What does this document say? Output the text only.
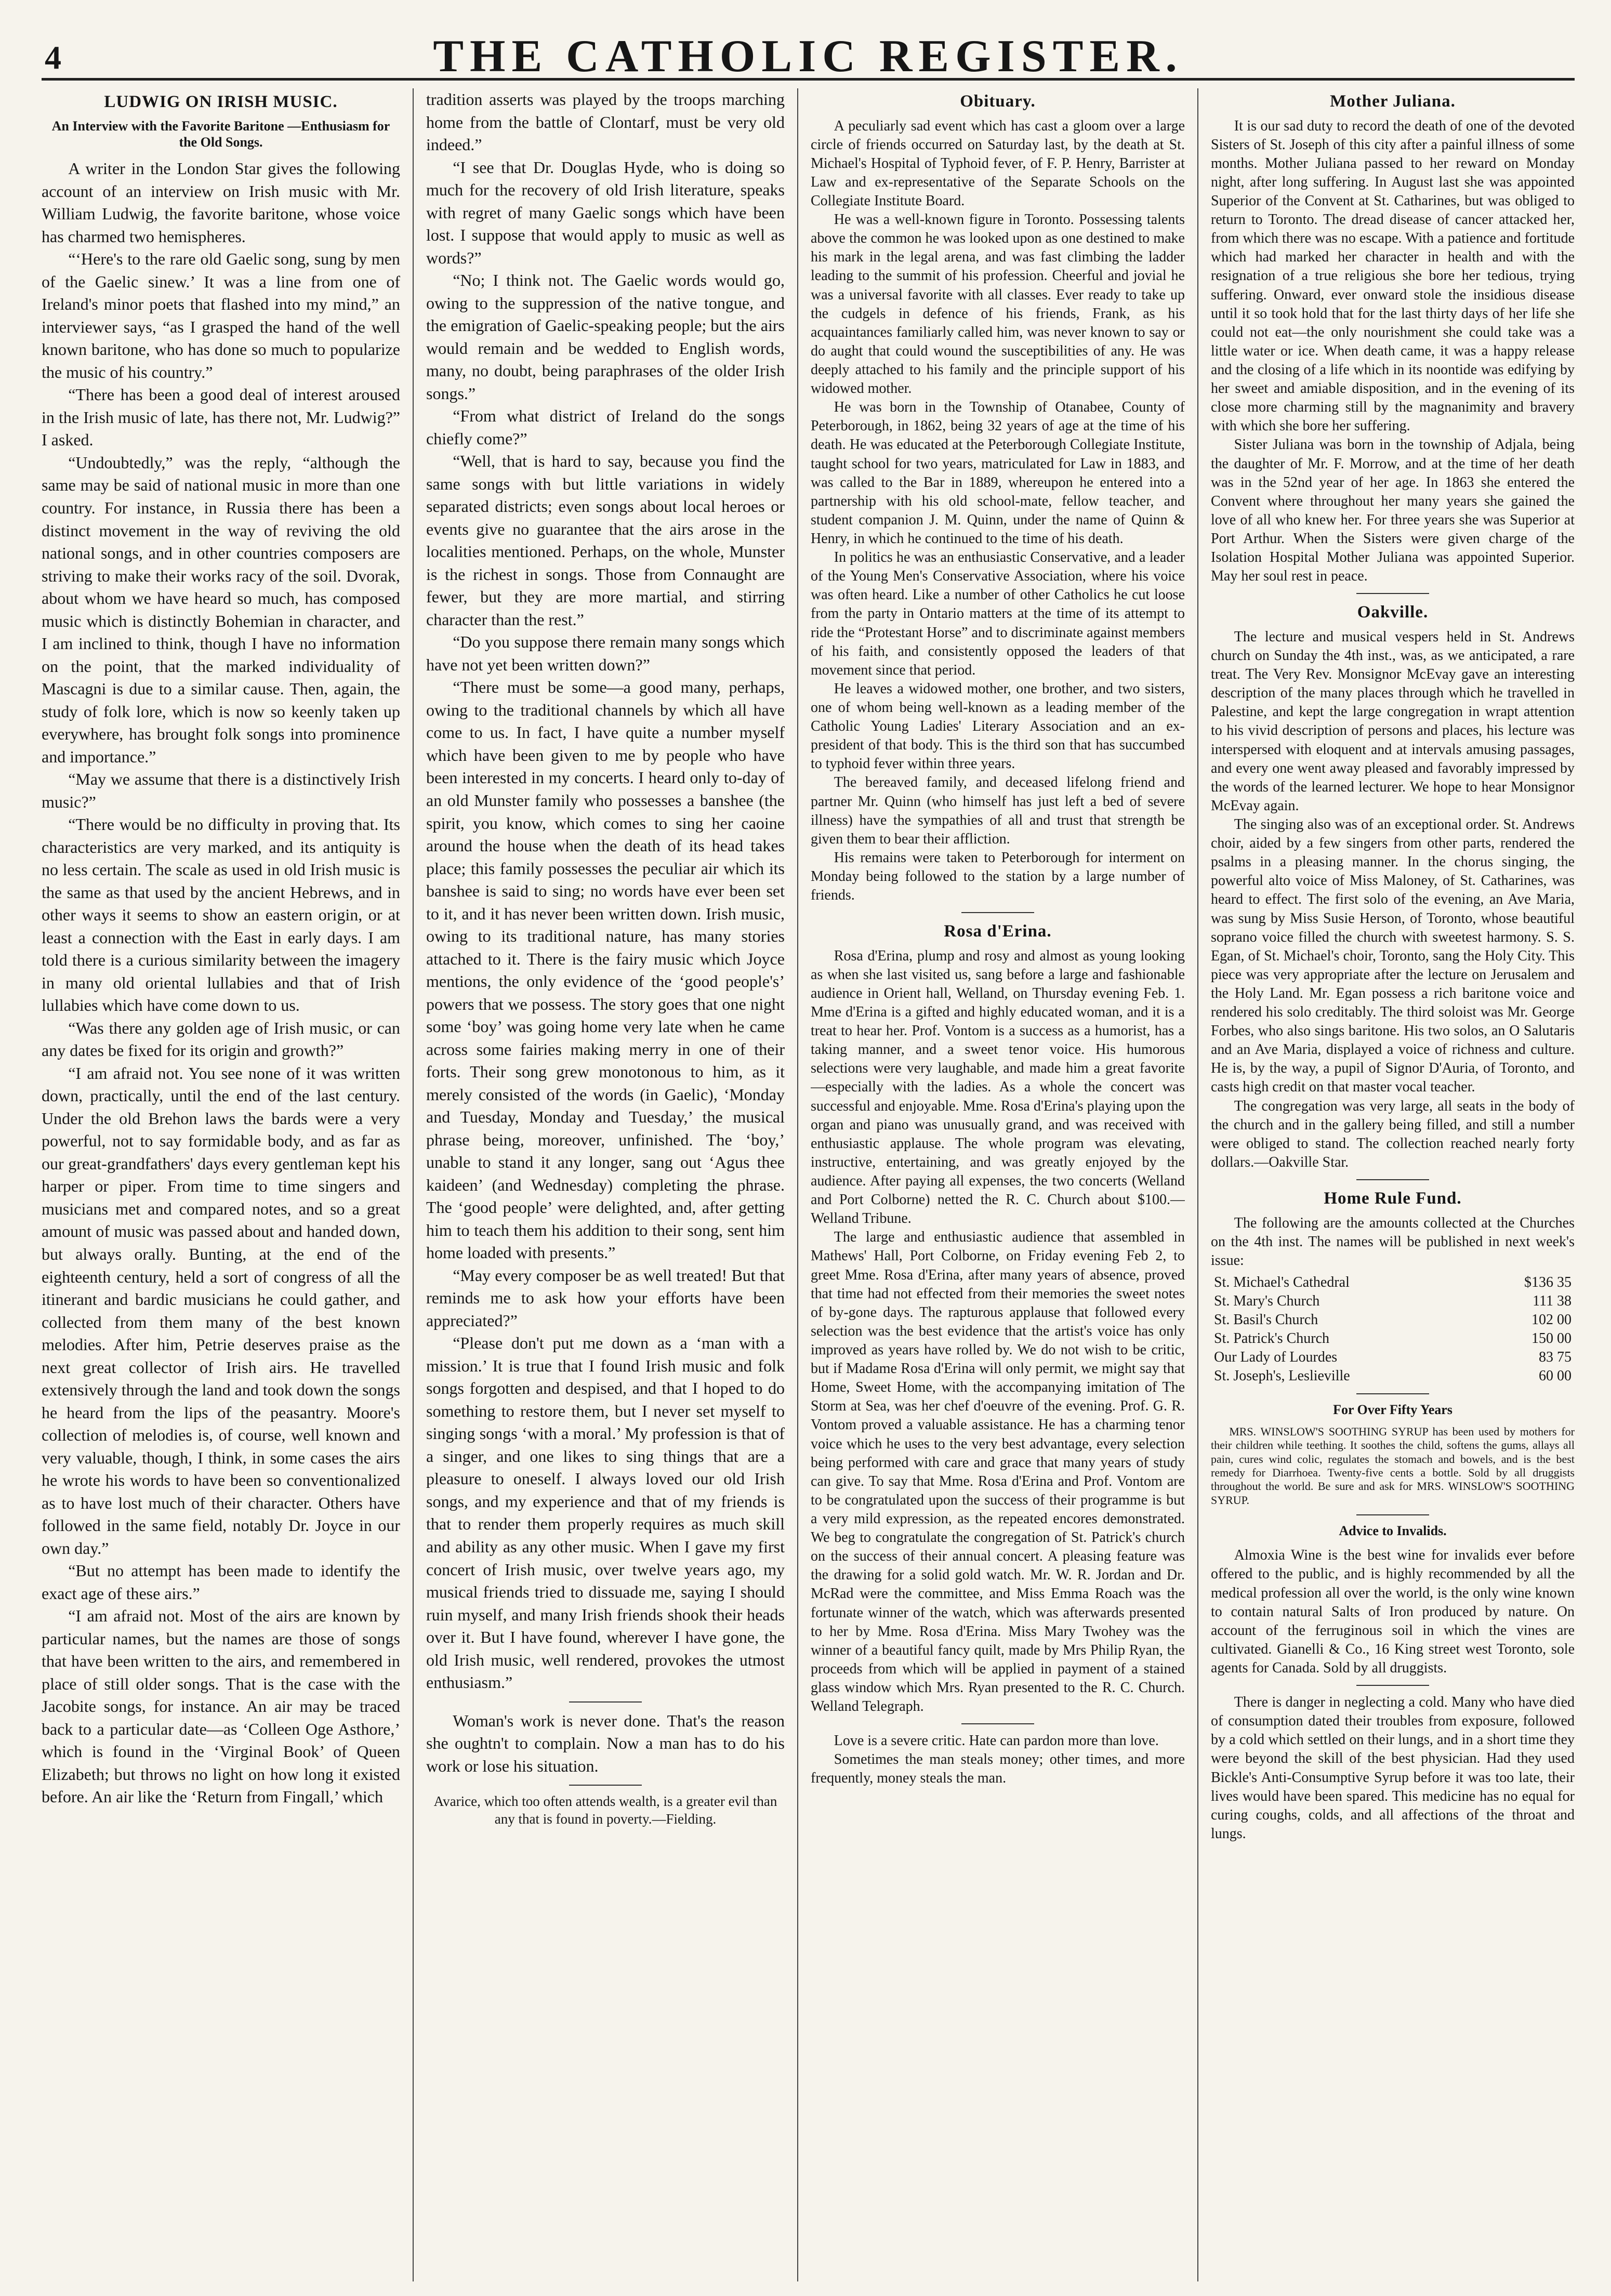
4	THE CATHOLIC REGISTER.
LUDWIG ON IRISH MUSIC.
An Interview with the Favorite Baritone —Enthusiasm for the Old Songs.

A writer in the London Star gives the following account of an interview on Irish music with Mr. William Ludwig, the favorite baritone, whose voice has charmed two hemispheres.

“‘Here's to the rare old Gaelic song, sung by men of the Gaelic sinew.’ It was a line from one of Ireland's minor poets that flashed into my mind,” an interviewer says, “as I grasped the hand of the well known baritone, who has done so much to popularize the music of his country.”

“There has been a good deal of interest aroused in the Irish music of late, has there not, Mr. Ludwig?” I asked.

“Undoubtedly,” was the reply, “although the same may be said of national music in more than one country. For instance, in Russia there has been a distinct movement in the way of reviving the old national songs, and in other countries composers are striving to make their works racy of the soil. Dvorak, about whom we have heard so much, has composed music which is distinctly Bohemian in character, and I am inclined to think, though I have no information on the point, that the marked individuality of Mascagni is due to a similar cause. Then, again, the study of folk lore, which is now so keenly taken up everywhere, has brought folk songs into prominence and importance.”

“May we assume that there is a distinctively Irish music?”

“There would be no difficulty in proving that. Its characteristics are very marked, and its antiquity is no less certain. The scale as used in old Irish music is the same as that used by the ancient Hebrews, and in other ways it seems to show an eastern origin, or at least a connection with the East in early days. I am told there is a curious similarity between the imagery in many old oriental lullabies and that of Irish lullabies which have come down to us.

“Was there any golden age of Irish music, or can any dates be fixed for its origin and growth?”

“I am afraid not. You see none of it was written down, practically, until the end of the last century. Under the old Brehon laws the bards were a very powerful, not to say formidable body, and as far as our great-grandfathers' days every gentleman kept his harper or piper. From time to time singers and musicians met and compared notes, and so a great amount of music was passed about and handed down, but always orally. Bunting, at the end of the eighteenth century, held a sort of congress of all the itinerant and bardic musicians he could gather, and collected from them many of the best known melodies. After him, Petrie deserves praise as the next great collector of Irish airs. He travelled extensively through the land and took down the songs he heard from the lips of the peasantry. Moore's collection of melodies is, of course, well known and very valuable, though, I think, in some cases the airs he wrote his words to have been so conventionalized as to have lost much of their character. Others have followed in the same field, notably Dr. Joyce in our own day.”

“But no attempt has been made to identify the exact age of these airs.”

“I am afraid not. Most of the airs are known by particular names, but the names are those of songs that have been written to the airs, and remembered in place of still older songs. That is the case with the Jacobite songs, for instance. An air may be traced back to a particular date—as ‘Colleen Oge Asthore,’ which is found in the ‘Virginal Book’ of Queen Elizabeth; but throws no light on how long it existed before. An air like the ‘Return from Fingall,’ which

tradition asserts was played by the troops marching home from the battle of Clontarf, must be very old indeed.”

“I see that Dr. Douglas Hyde, who is doing so much for the recovery of old Irish literature, speaks with regret of many Gaelic songs which have been lost. I suppose that would apply to music as well as words?”

“No; I think not. The Gaelic words would go, owing to the suppression of the native tongue, and the emigration of Gaelic-speaking people; but the airs would remain and be wedded to English words, many, no doubt, being paraphrases of the older Irish songs.”

“From what district of Ireland do the songs chiefly come?”

“Well, that is hard to say, because you find the same songs with but little variations in widely separated districts; even songs about local heroes or events give no guarantee that the airs arose in the localities mentioned. Perhaps, on the whole, Munster is the richest in songs. Those from Connaught are fewer, but they are more martial, and stirring character than the rest.”

“Do you suppose there remain many songs which have not yet been written down?”

“There must be some—a good many, perhaps, owing to the traditional channels by which all have come to us. In fact, I have quite a number myself which have been given to me by people who have been interested in my concerts. I heard only to-day of an old Munster family who possesses a banshee (the spirit, you know, which comes to sing her caoine around the house when the death of its head takes place; this family possesses the peculiar air which its banshee is said to sing; no words have ever been set to it, and it has never been written down. Irish music, owing to its traditional nature, has many stories attached to it. There is the fairy music which Joyce mentions, the only evidence of the ‘good people's’ powers that we possess. The story goes that one night some ‘boy’ was going home very late when he came across some fairies making merry in one of their forts. Their song grew monotonous to him, as it merely consisted of the words (in Gaelic), ‘Monday and Tuesday, Monday and Tuesday,’ the musical phrase being, moreover, unfinished. The ‘boy,’ unable to stand it any longer, sang out ‘Agus thee kaideen’ (and Wednesday) completing the phrase. The ‘good people’ were delighted, and, after getting him to teach them his addition to their song, sent him home loaded with presents.”

“May every composer be as well treated! But that reminds me to ask how your efforts have been appreciated?”

“Please don't put me down as a ‘man with a mission.’ It is true that I found Irish music and folk songs forgotten and despised, and that I hoped to do something to restore them, but I never set myself to singing songs ‘with a moral.’ My profession is that of a singer, and one likes to sing things that are a pleasure to oneself. I always loved our old Irish songs, and my experience and that of my friends is that to render them properly requires as much skill and ability as any other music. When I gave my first concert of Irish music, over twelve years ago, my musical friends tried to dissuade me, saying I should ruin myself, and many Irish friends shook their heads over it. But I have found, wherever I have gone, the old Irish music, well rendered, provokes the utmost enthusiasm.”

Woman's work is never done. That's the reason she oughtn't to complain. Now a man has to do his work or lose his situation.

Avarice, which too often attends wealth, is a greater evil than any that is found in poverty.—Fielding.
Obituary.

A peculiarly sad event which has cast a gloom over a large circle of friends occurred on Saturday last, by the death at St. Michael's Hospital of Typhoid fever, of F. P. Henry, Barrister at Law and ex-representative of the Separate Schools on the Collegiate Institute Board.

He was a well-known figure in Toronto. Possessing talents above the common he was looked upon as one destined to make his mark in the legal arena, and was fast climbing the ladder leading to the summit of his profession. Cheerful and jovial he was a universal favorite with all classes. Ever ready to take up the cudgels in defence of his friends, Frank, as his acquaintances familiarly called him, was never known to say or do aught that could wound the susceptibilities of any. He was deeply attached to his family and the principle support of his widowed mother.

He was born in the Township of Otanabee, County of Peterborough, in 1862, being 32 years of age at the time of his death. He was educated at the Peterborough Collegiate Institute, taught school for two years, matriculated for Law in 1883, and was called to the Bar in 1889, whereupon he entered into a partnership with his old school-mate, fellow teacher, and student companion J. M. Quinn, under the name of Quinn & Henry, in which he continued to the time of his death.

In politics he was an enthusiastic Conservative, and a leader of the Young Men's Conservative Association, where his voice was often heard. Like a number of other Catholics he cut loose from the party in Ontario matters at the time of its attempt to ride the “Protestant Horse” and to discriminate against members of his faith, and consistently opposed the leaders of that movement since that period.

He leaves a widowed mother, one brother, and two sisters, one of whom being well-known as a leading member of the Catholic Young Ladies' Literary Association and an ex-president of that body. This is the third son that has succumbed to typhoid fever within three years.

The bereaved family, and deceased lifelong friend and partner Mr. Quinn (who himself has just left a bed of severe illness) have the sympathies of all and trust that strength be given them to bear their affliction.

His remains were taken to Peterborough for interment on Monday being followed to the station by a large number of friends.

Rosa d'Erina.

Rosa d'Erina, plump and rosy and almost as young looking as when she last visited us, sang before a large and fashionable audience in Orient hall, Welland, on Thursday evening Feb. 1. Mme d'Erina is a gifted and highly educated woman, and it is a treat to hear her. Prof. Vontom is a success as a humorist, has a taking manner, and a sweet tenor voice. His humorous selections were very laughable, and made him a great favorite—especially with the ladies. As a whole the concert was successful and enjoyable. Mme. Rosa d'Erina's playing upon the organ and piano was unusually grand, and was received with enthusiastic applause. The whole program was elevating, instructive, entertaining, and was greatly enjoyed by the audience. After paying all expenses, the two concerts (Welland and Port Colborne) netted the R. C. Church about $100.—Welland Tribune.

The large and enthusiastic audience that assembled in Mathews' Hall, Port Colborne, on Friday evening Feb 2, to greet Mme. Rosa d'Erina, after many years of absence, proved that time had not effected from their memories the sweet notes of by-gone days. The rapturous applause that followed every selection was the best evidence that the artist's voice has only improved as years have rolled by. We do not wish to be critic, but if Madame Rosa d'Erina will only permit, we might say that Home, Sweet Home, with the accompanying imitation of The Storm at Sea, was her chef d'oeuvre of the evening. Prof. G. R. Vontom proved a valuable assistance. He has a charming tenor voice which he uses to the very best advantage, every selection being performed with care and grace that many years of study can give. To say that Mme. Rosa d'Erina and Prof. Vontom are to be congratulated upon the success of their programme is but a very mild expression, as the repeated encores demonstrated. We beg to congratulate the congregation of St. Patrick's church on the success of their annual concert. A pleasing feature was the drawing for a solid gold watch. Mr. W. R. Jordan and Dr. McRad were the committee, and Miss Emma Roach was the fortunate winner of the watch, which was afterwards presented to her by Mme. Rosa d'Erina. Miss Mary Twohey was the winner of a beautiful fancy quilt, made by Mrs Philip Ryan, the proceeds from which will be applied in payment of a stained glass window which Mrs. Ryan presented to the R. C. Church. Welland Telegraph.

Love is a severe critic. Hate can pardon more than love.

Sometimes the man steals money; other times, and more frequently, money steals the man.

Mother Juliana.

It is our sad duty to record the death of one of the devoted Sisters of St. Joseph of this city after a painful illness of some months. Mother Juliana passed to her reward on Monday night, after long suffering. In August last she was appointed Superior of the Convent at St. Catharines, but was obliged to return to Toronto. The dread disease of cancer attacked her, from which there was no escape. With a patience and fortitude which had marked her character in health and with the resignation of a true religious she bore her tedious, trying suffering. Onward, ever onward stole the insidious disease until it so took hold that for the last thirty days of her life she could not eat—the only nourishment she could take was a little water or ice. When death came, it was a happy release and the closing of a life which in its noontide was edifying by her sweet and amiable disposition, and in the evening of its close more charming still by the magnanimity and bravery with which she bore her suffering.

Sister Juliana was born in the township of Adjala, being the daughter of Mr. F. Morrow, and at the time of her death was in the 52nd year of her age. In 1863 she entered the Convent where throughout her many years she gained the love of all who knew her. For three years she was Superior at Port Arthur. When the Sisters were given charge of the Isolation Hospital Mother Juliana was appointed Superior. May her soul rest in peace.

Oakville.

The lecture and musical vespers held in St. Andrews church on Sunday the 4th inst., was, as we anticipated, a rare treat. The Very Rev. Monsignor McEvay gave an interesting description of the many places through which he travelled in Palestine, and kept the large congregation in wrapt attention to his vivid description of persons and places, his lecture was interspersed with eloquent and at intervals amusing passages, and every one went away pleased and favorably impressed by the words of the learned lecturer. We hope to hear Monsignor McEvay again.

The singing also was of an exceptional order. St. Andrews choir, aided by a few singers from other parts, rendered the psalms in a pleasing manner. In the chorus singing, the powerful alto voice of Miss Maloney, of St. Catharines, was heard to effect. The first solo of the evening, an Ave Maria, was sung by Miss Susie Herson, of Toronto, whose beautiful soprano voice filled the church with sweetest harmony. S. S. Egan, of St. Michael's choir, Toronto, sang the Holy City. This piece was very appropriate after the lecture on Jerusalem and the Holy Land. Mr. Egan possess a rich baritone voice and rendered his solo creditably. The third soloist was Mr. George Forbes, who also sings baritone. His two solos, an O Salutaris and an Ave Maria, displayed a voice of richness and culture. He is, by the way, a pupil of Signor D'Auria, of Toronto, and casts high credit on that master vocal teacher.

The congregation was very large, all seats in the body of the church and in the gallery being filled, and still a number were obliged to stand. The collection reached nearly forty dollars.—Oakville Star.

Home Rule Fund.

The following are the amounts collected at the Churches on the 4th inst. The names will be published in next week's issue:

St. Michael's Cathedral	$136 35
St. Mary's Church	111 38
St. Basil's Church	102 00
St. Patrick's Church	150 00
Our Lady of Lourdes	83 75
St. Joseph's, Leslieville	60 00
For Over Fifty Years

MRS. WINSLOW'S SOOTHING SYRUP has been used by mothers for their children while teething. It soothes the child, softens the gums, allays all pain, cures wind colic, regulates the stomach and bowels, and is the best remedy for Diarrhoea. Twenty-five cents a bottle. Sold by all druggists throughout the world. Be sure and ask for MRS. WINSLOW'S SOOTHING SYRUP.

Advice to Invalids.

Almoxia Wine is the best wine for invalids ever before offered to the public, and is highly recommended by all the medical profession all over the world, is the only wine known to contain natural Salts of Iron produced by nature. On account of the ferruginous soil in which the vines are cultivated. Gianelli & Co., 16 King street west Toronto, sole agents for Canada. Sold by all druggists.

There is danger in neglecting a cold. Many who have died of consumption dated their troubles from exposure, followed by a cold which settled on their lungs, and in a short time they were beyond the skill of the best physician. Had they used Bickle's Anti-Consumptive Syrup before it was too late, their lives would have been spared. This medicine has no equal for curing coughs, colds, and all affections of the throat and lungs.
